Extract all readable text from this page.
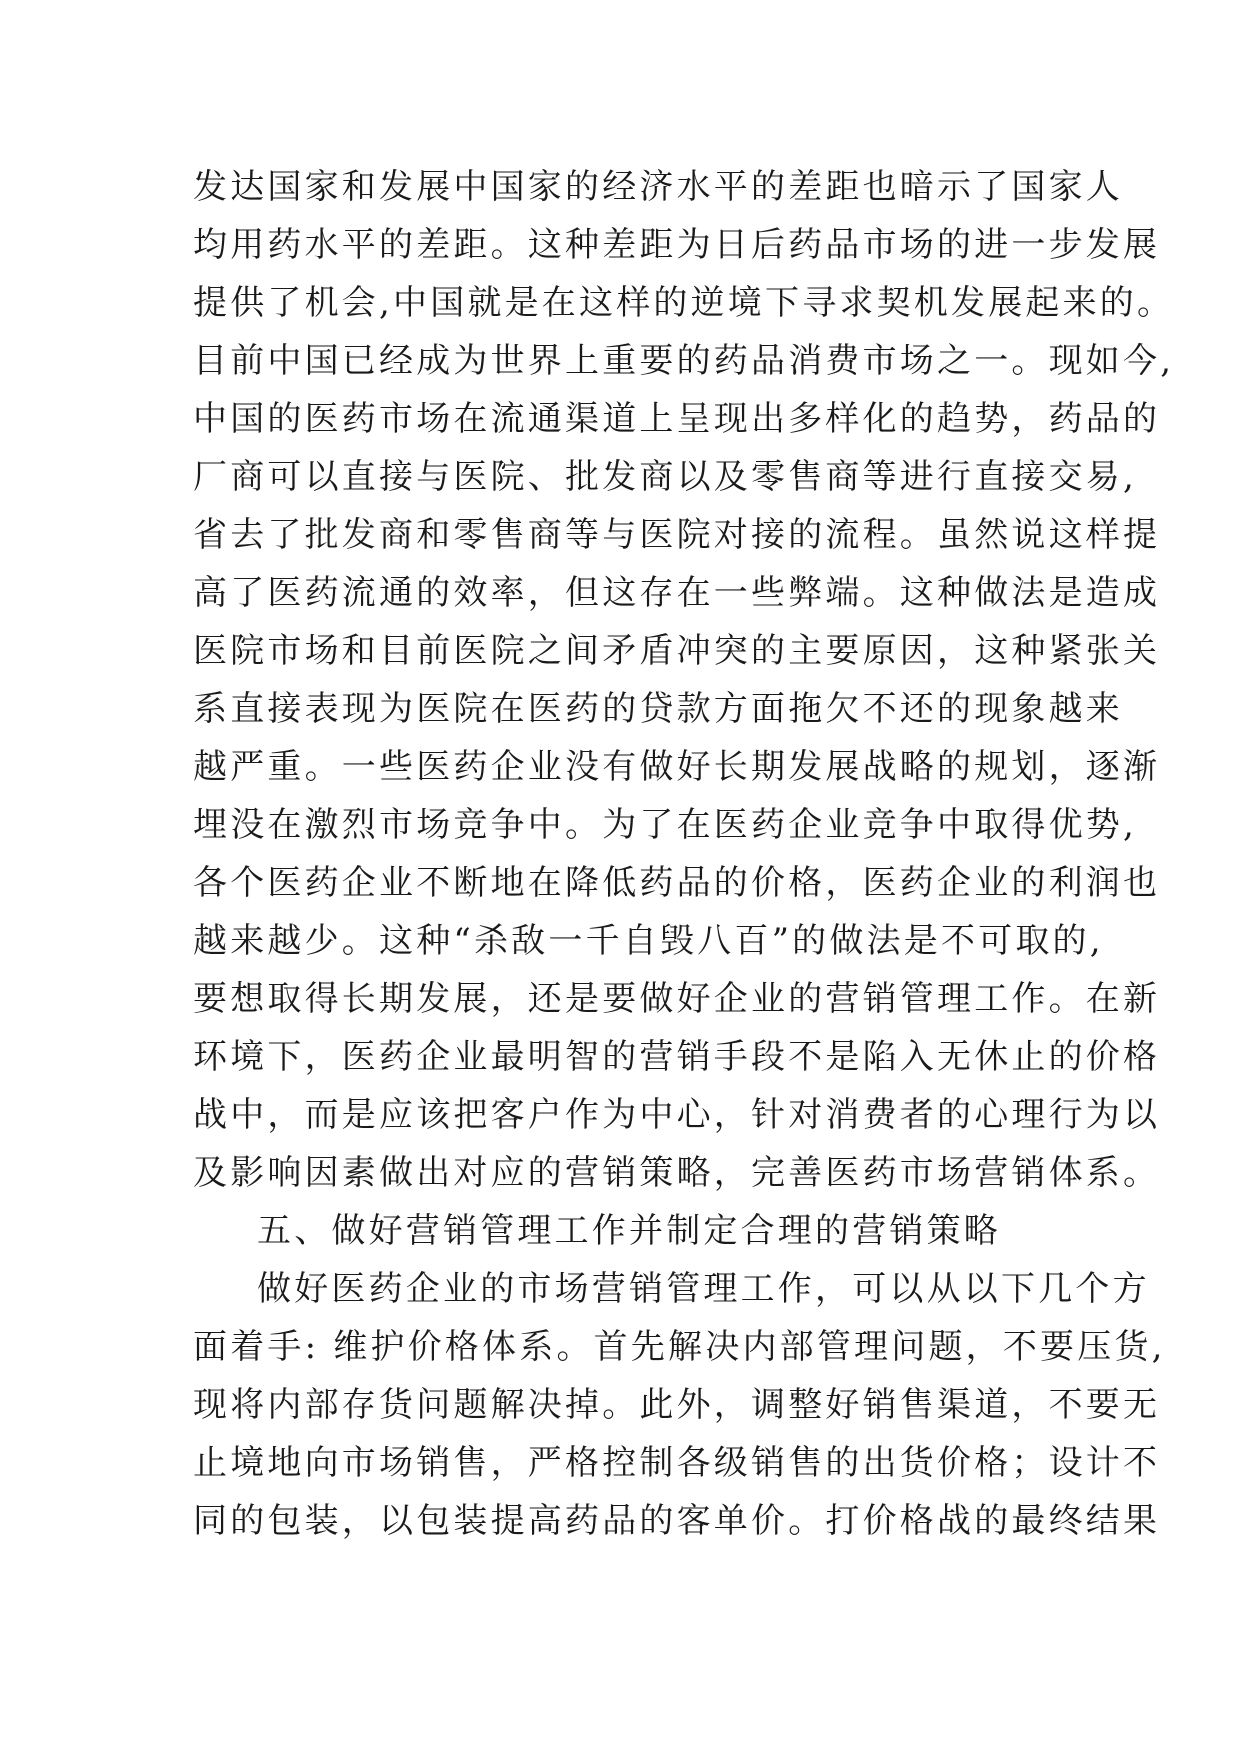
发达国家和发展中国家的经济水平的差距也暗示了国家人
均用药水平的差距。这种差距为日后药品市场的进一步发展
提供了机会,中国就是在这样的逆境下寻求契机发展起来的。
目前中国已经成为世界上重要的药品消费市场之一。现如今,
中国的医药市场在流通渠道上呈现出多样化的趋势，药品的
厂商可以直接与医院、批发商以及零售商等进行直接交易,
省去了批发商和零售商等与医院对接的流程。虽然说这样提
高了医药流通的效率，但这存在一些弊端。这种做法是造成
医院市场和目前医院之间矛盾冲突的主要原因，这种紧张关
系直接表现为医院在医药的贷款方面拖欠不还的现象越来
越严重。一些医药企业没有做好长期发展战略的规划，逐渐
埋没在激烈市场竞争中。为了在医药企业竞争中取得优势,
各个医药企业不断地在降低药品的价格，医药企业的利润也
越来越少。这种“杀敌一千自毁八百”的做法是不可取的,
要想取得长期发展，还是要做好企业的营销管理工作。在新
环境下，医药企业最明智的营销手段不是陷入无休止的价格
战中，而是应该把客户作为中心，针对消费者的心理行为以
及影响因素做出对应的营销策略，完善医药市场营销体系。
五、做好营销管理工作并制定合理的营销策略
做好医药企业的市场营销管理工作，可以从以下几个方
面着手: 维护价格体系。首先解决内部管理问题，不要压货,
现将内部存货问题解决掉。此外，调整好销售渠道，不要无
止境地向市场销售，严格控制各级销售的出货价格；设计不
同的包装，以包装提高药品的客单价。打价格战的最终结果
